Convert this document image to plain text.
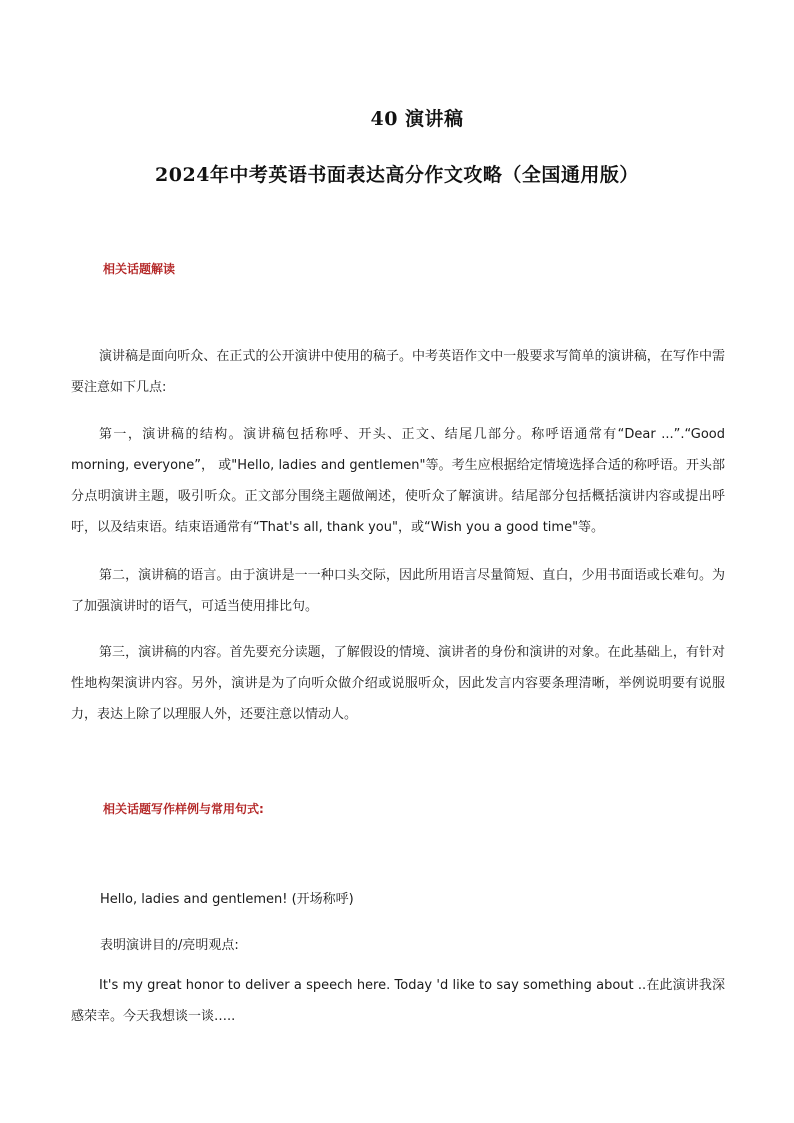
40 演讲稿
2024年中考英语书面表达高分作文攻略（全国通用版）
相关话题解读
演讲稿是面向听众、在正式的公开演讲中使用的稿子。中考英语作文中一般要求写简单的演讲稿，在写作中需要注意如下几点:
第一，演讲稿的结构。演讲稿包括称呼、开头、正文、结尾几部分。称呼语通常有“Dear ...”.“Good morning, everyone”， 或"Hello, ladies and gentlemen"等。考生应根据给定情境选择合适的称呼语。开头部分点明演讲主题，吸引听众。正文部分围绕主题做阐述，使听众了解演讲。结尾部分包括概括演讲内容或提出呼吁，以及结束语。结束语通常有“That's all, thank you"，或“Wish you a good time"等。
第二，演讲稿的语言。由于演讲是一一种口头交际，因此所用语言尽量简短、直白，少用书面语或长难句。为了加强演讲时的语气，可适当使用排比句。
第三，演讲稿的内容。首先要充分读题，了解假设的情境、演讲者的身份和演讲的对象。在此基础上，有针对性地构架演讲内容。另外，演讲是为了向听众做介绍或说服听众，因此发言内容要条理清晰，举例说明要有说服力，表达上除了以理服人外，还要注意以情动人。
相关话题写作样例与常用句式:
Hello, ladies and gentlemen! (开场称呼)
表明演讲目的/亮明观点:
It's my great honor to deliver a speech here. Today 'd like to say something about ..在此演讲我深感荣幸。今天我想谈一谈…..
